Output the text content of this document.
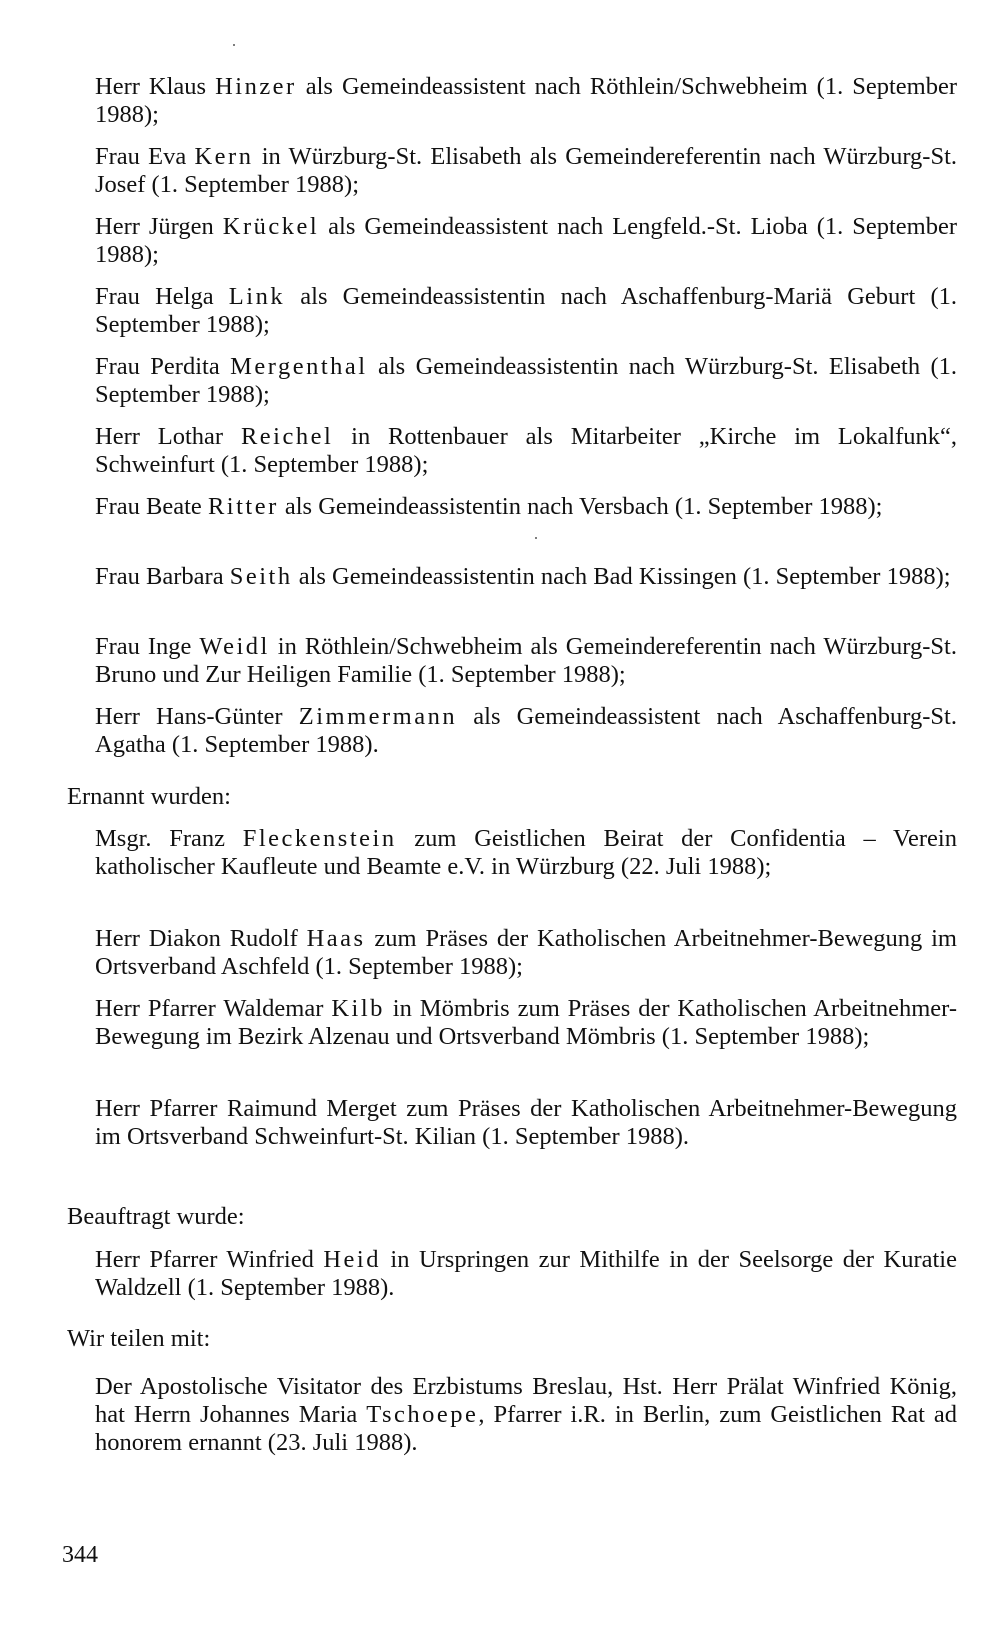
Herr Klaus Hinzer als Gemeindeassistent nach Röthlein/Schwebheim (1. September 1988);

Frau Eva Kern in Würzburg-St. Elisabeth als Gemeindereferentin nach Würzburg-St. Josef (1. September 1988);

Herr Jürgen Krückel als Gemeindeassistent nach Lengfeld.-St. Lioba (1. September 1988);

Frau Helga Link als Gemeindeassistentin nach Aschaffenburg-Mariä Geburt (1. September 1988);

Frau Perdita Mergenthal als Gemeindeassistentin nach Würzburg-St. Elisabeth (1. September 1988);

Herr Lothar Reichel in Rottenbauer als Mitarbeiter „Kirche im Lokalfunk“, Schweinfurt (1. September 1988);

Frau Beate Ritter als Gemeindeassistentin nach Versbach (1. September 1988);

Frau Barbara Seith als Gemeindeassistentin nach Bad Kissingen (1. September 1988);

Frau Inge Weidl in Röthlein/Schwebheim als Gemeindereferentin nach Würzburg-St. Bruno und Zur Heiligen Familie (1. September 1988);

Herr Hans-Günter Zimmermann als Gemeindeassistent nach Aschaffenburg-St. Agatha (1. September 1988).

Ernannt wurden:

Msgr. Franz Fleckenstein zum Geistlichen Beirat der Confidentia – Verein katholischer Kaufleute und Beamte e.V. in Würzburg (22. Juli 1988);

Herr Diakon Rudolf Haas zum Präses der Katholischen Arbeitnehmer-Bewegung im Ortsverband Aschfeld (1. September 1988);

Herr Pfarrer Waldemar Kilb in Mömbris zum Präses der Katholischen Arbeitnehmer-Bewegung im Bezirk Alzenau und Ortsverband Mömbris (1. September 1988);

Herr Pfarrer Raimund Merget zum Präses der Katholischen Arbeitnehmer-Bewegung im Ortsverband Schweinfurt-St. Kilian (1. September 1988).

Beauftragt wurde:

Herr Pfarrer Winfried Heid in Urspringen zur Mithilfe in der Seelsorge der Kuratie Waldzell (1. September 1988).

Wir teilen mit:

Der Apostolische Visitator des Erzbistums Breslau, Hst. Herr Prälat Winfried König, hat Herrn Johannes Maria Tschoepe, Pfarrer i.R. in Berlin, zum Geistlichen Rat ad honorem ernannt (23. Juli 1988).

344
